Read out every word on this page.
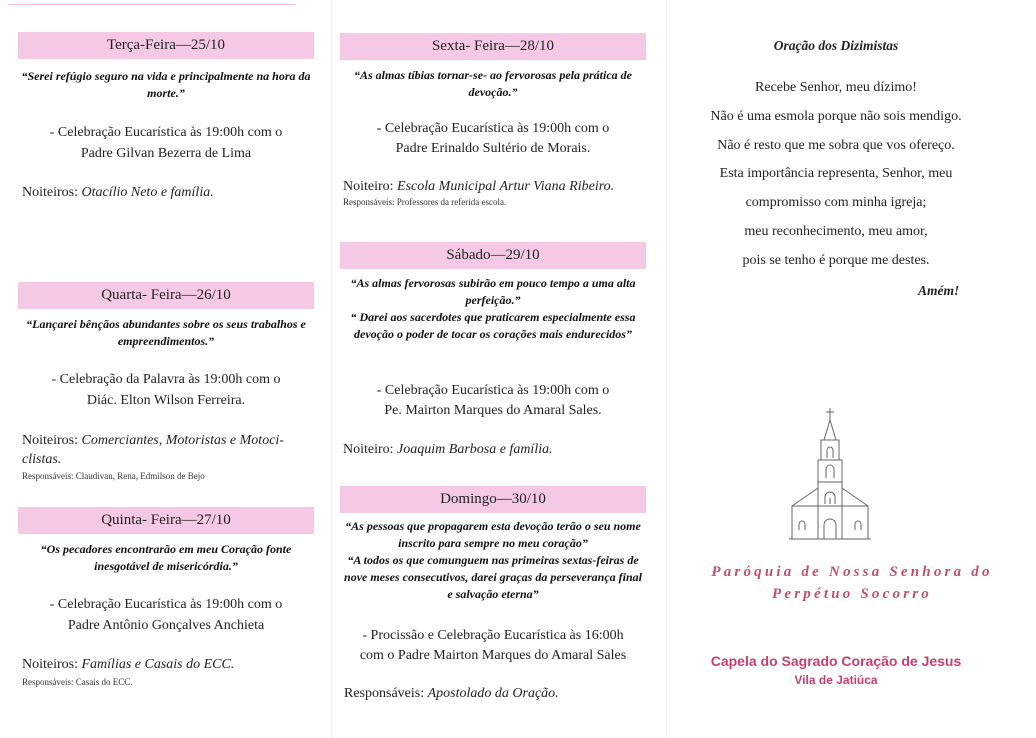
Terça-Feira—25/10
“Serei refúgio seguro na vida e principalmente na hora da morte.”
- Celebração Eucarística às 19:00h com o
Padre Gilvan Bezerra de Lima
Noiteiros: Otacílio Neto e família.
Quarta- Feira—26/10
“Lançarei bênçãos abundantes sobre os seus trabalhos e empreendimentos.”
- Celebração da Palavra às 19:00h com o
Diác. Elton Wilson Ferreira.
Noiteiros: Comerciantes, Motoristas e Motoci-
clistas.
Responsáveis: Claudivan, Rena, Edmilson de Bejo
Quinta- Feira—27/10
“Os pecadores encontrarão em meu Coração fonte inesgotável de misericórdia.”
- Celebração Eucarística às 19:00h com o
Padre Antônio Gonçalves Anchieta
Noiteiros: Famílias e Casais do ECC.
Responsáveis: Casais do ECC.
Sexta- Feira—28/10
“As almas tíbias tornar-se- ao fervorosas pela prática de devoção.”
- Celebração Eucarística às 19:00h com o
Padre Erinaldo Sultério de Morais.
Noiteiro: Escola Municipal Artur Viana Ribeiro.
Responsáveis: Professores da referida escola.
Sábado—29/10
“As almas fervorosas subirão em pouco tempo a uma alta perfeição.”
“ Darei aos sacerdotes que praticarem especialmente essa devoção o poder de tocar os corações mais endurecidos”
- Celebração Eucarística às 19:00h com o
Pe. Mairton Marques do Amaral Sales.
Noiteiro: Joaquim Barbosa e família.
Domingo—30/10
“As pessoas que propagarem esta devoção terão o seu nome inscrito para sempre no meu coração”
“A todos os que comunguem nas primeiras sextas-feiras de nove meses consecutivos, darei graças da perseverança final e salvação eterna”
- Procissão e Celebração Eucarística às 16:00h
com o Padre Mairton Marques do Amaral Sales
Responsáveis: Apostolado da Oração.
Oração dos Dizimistas
Recebe Senhor, meu dízimo!
Não é uma esmola porque não sois mendigo.
Não é resto que me sobra que vos ofereço.
Esta importância representa, Senhor, meu
compromisso com minha igreja;
meu reconhecimento, meu amor,
pois se tenho é porque me destes.
Amém!
Paróquia de Nossa Senhora do
Perpétuo Socorro
Capela do Sagrado Coração de Jesus
Vila de Jatiúca
